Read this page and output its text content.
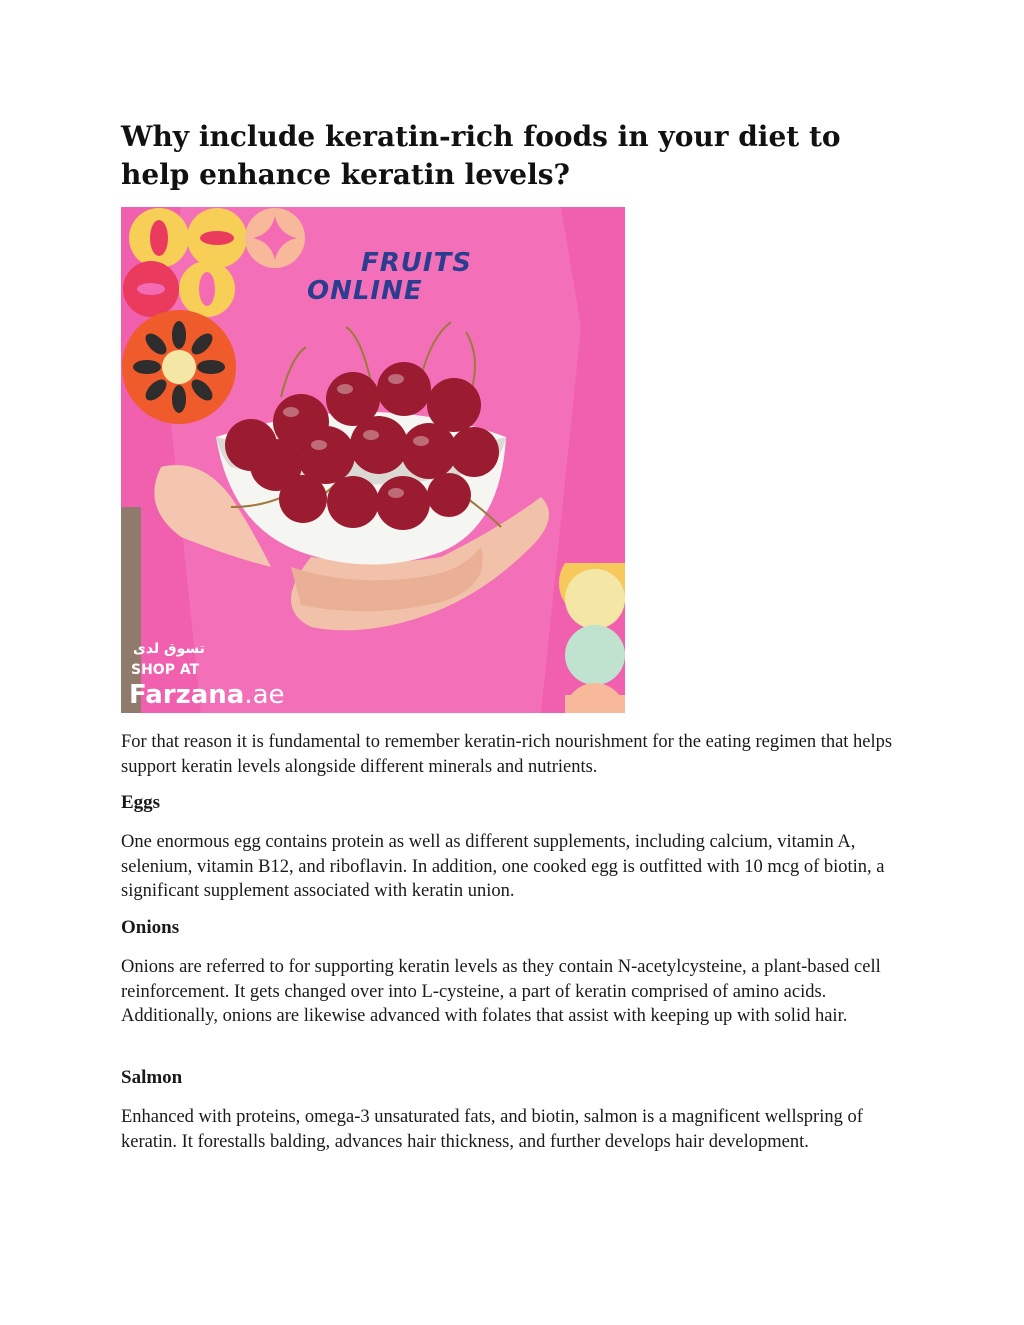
Why include keratin-rich foods in your diet to help enhance keratin levels?
FRUITS
ONLINE
تسوق لدى
SHOP AT
Farzana.ae

For that reason it is fundamental to remember keratin-rich nourishment for the eating regimen that helps support keratin levels alongside different minerals and nutrients.

Eggs

One enormous egg contains protein as well as different supplements, including calcium, vitamin A, selenium, vitamin B12, and riboflavin. In addition, one cooked egg is outfitted with 10 mcg of biotin, a significant supplement associated with keratin union.

Onions

Onions are referred to for supporting keratin levels as they contain N-acetylcysteine, a plant-based cell reinforcement. It gets changed over into L-cysteine, a part of keratin comprised of amino acids. Additionally, onions are likewise advanced with folates that assist with keeping up with solid hair.

Salmon

Enhanced with proteins, omega-3 unsaturated fats, and biotin, salmon is a magnificent wellspring of keratin. It forestalls balding, advances hair thickness, and further develops hair development.
